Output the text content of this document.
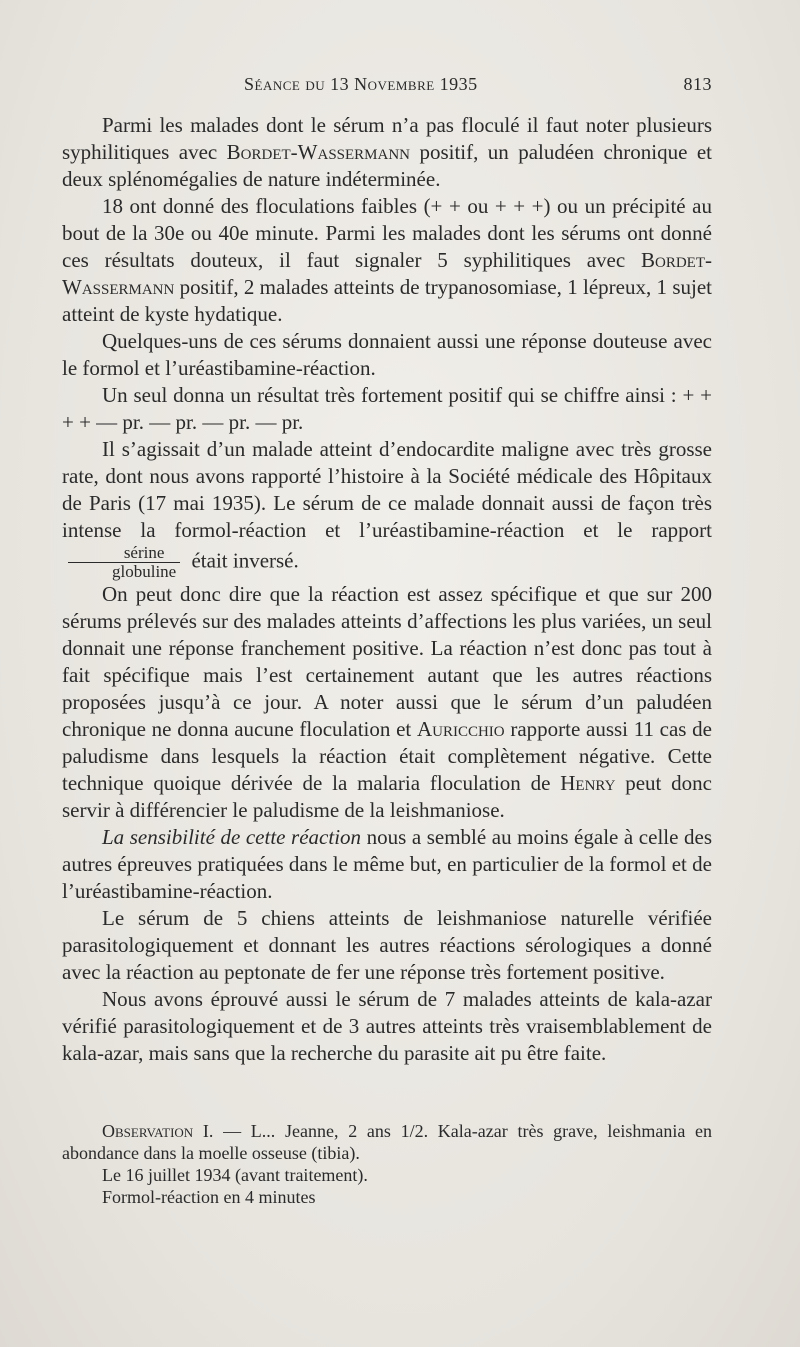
Séance du 13 Novembre 1935	813

Parmi les malades dont le sérum n’a pas floculé il faut noter plusieurs syphilitiques avec Bordet-Wassermann positif, un paludéen chronique et deux splénomégalies de nature indéterminée.

18 ont donné des floculations faibles (+ + ou + + +) ou un précipité au bout de la 30e ou 40e minute. Parmi les malades dont les sérums ont donné ces résultats douteux, il faut signaler 5 syphilitiques avec Bordet-Wassermann positif, 2 malades atteints de trypanosomiase, 1 lépreux, 1 sujet atteint de kyste hydatique.

Quelques-uns de ces sérums donnaient aussi une réponse douteuse avec le formol et l’uréastibamine-réaction.

Un seul donna un résultat très fortement positif qui se chiffre ainsi : + + + + — pr. — pr. — pr. — pr.

Il s’agissait d’un malade atteint d’endocardite maligne avec très grosse rate, dont nous avons rapporté l’histoire à la Société médicale des Hôpitaux de Paris (17 mai 1935). Le sérum de ce malade donnait aussi de façon très intense la formol-réaction et l’uréastibamine-réaction et le rapport
$\frac{\text{sérine}}{\text{globuline}}$ était inversé.

On peut donc dire que la réaction est assez spécifique et que sur 200 sérums prélevés sur des malades atteints d’affections les plus variées, un seul donnait une réponse franchement positive. La réaction n’est donc pas tout à fait spécifique mais l’est certainement autant que les autres réactions proposées jusqu’à ce jour. A noter aussi que le sérum d’un paludéen chronique ne donna aucune floculation et Auricchio rapporte aussi 11 cas de paludisme dans lesquels la réaction était complètement négative. Cette technique quoique dérivée de la malaria floculation de Henry peut donc servir à différencier le paludisme de la leishmaniose.

La sensibilité de cette réaction nous a semblé au moins égale à celle des autres épreuves pratiquées dans le même but, en particulier de la formol et de l’uréastibamine-réaction.

Le sérum de 5 chiens atteints de leishmaniose naturelle vérifiée parasitologiquement et donnant les autres réactions sérologiques a donné avec la réaction au peptonate de fer une réponse très fortement positive.

Nous avons éprouvé aussi le sérum de 7 malades atteints de kala-azar vérifié parasitologiquement et de 3 autres atteints très vraisemblablement de kala-azar, mais sans que la recherche du parasite ait pu être faite.

Observation I. — L... Jeanne, 2 ans 1/2. Kala-azar très grave, leishmania en abondance dans la moelle osseuse (tibia).

Le 16 juillet 1934 (avant traitement).

Formol-réaction en 4 minutes
